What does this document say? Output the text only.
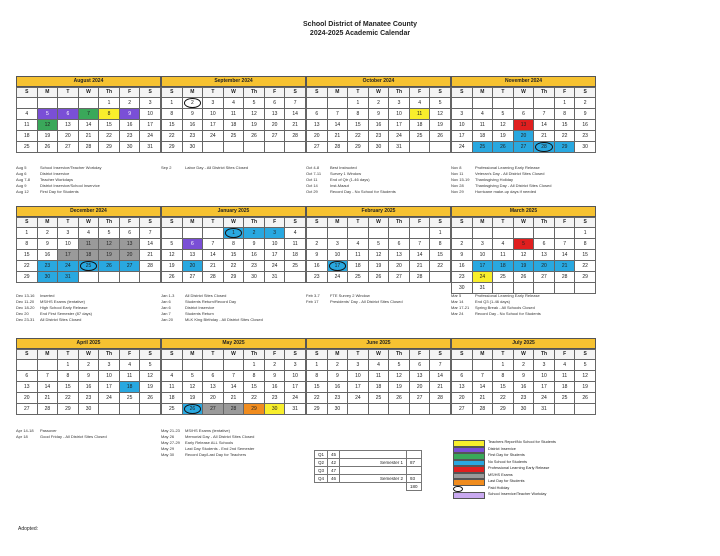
School District of Manatee County
2024-2025 Academic Calendar
August 2024
S	M	T	W	Th	F	S
				1	2	3
4	5	6	7	8	9	10
11	12	13	14	15	16	17
18	19	20	21	22	23	24
25	26	27	28	29	30	31
Aug 5	School Inservice/Teacher Workday
Aug 6	District Inservice
Aug 7-8	Teacher Workdays
Aug 9	District Inservice/School Inservice
Aug 12	First Day for Students
September 2024
S	M	T	W	Th	F	S
1	2	3	4	5	6	7
8	9	10	11	12	13	14
15	16	17	18	19	20	21
22	23	24	25	26	27	28
29	30					
Sep 2	Labor Day - All District Sites Closed
October 2024
S	M	T	W	Th	F	S
		1	2	3	4	5
6	7	8	9	10	11	12
13	14	15	16	17	18	19
20	21	22	23	24	25	26
27	28	29	30	31		
Oct 4-8	Best Instructed
Oct 7-11	Survey 1 Window
Oct 11	End of Qtr (1-46 days)
Oct 14	Inst-Maaut
Oct 29	Record Day - No School for Students
November 2024
S	M	T	W	Th	F	S
					1	2
3	4	5	6	7	8	9
10	11	12	13	14	15	16
17	18	19	20	21	22	23
24	25	26	27	28	29	30
Nov 8	Professional Learning Early Release
Nov 11	Veteran's Day - All District Sites Closed
Nov 15-19	Thanksgiving Holiday
Nov 28	Thanksgiving Day - All District Sites Closed
Nov 29	Hurricane make-up days if needed
December 2024
S	M	T	W	Th	F	S
1	2	3	4	5	6	7
8	9	10	11	12	13	14
15	16	17	18	19	20	21
22	23	24	25	26	27	28
29	30	31				
Dec 13-16	Inserted
Dec 11-20	MS/HS Exams (tentative)
Dec 18-20	High School Early Release
Dec 20	End First Semester (87 days)
Dec 23-31	All District Sites Closed
January 2025
S	M	T	W	Th	F	S
			1	2	3	4
5	6	7	8	9	10	11
12	13	14	15	16	17	18
19	20	21	22	23	24	25
26	27	28	29	30	31	
Jan 1-3	All District Sites Closed
Jan 6	Students Return/Record Day
Jan 6	District Inservice
Jan 7	Students Return
Jan 20	MLK King Birthday - All District Sites Closed
February 2025
S	M	T	W	Th	F	S
						1
2	3	4	5	6	7	8
9	10	11	12	13	14	15
16	17	18	19	20	21	22
23	24	25	26	27	28	
Feb 3-7	FTE Survey 2 Window
Feb 17	Presidents' Day - All District Sites Closed
March 2025
S	M	T	W	Th	F	S
						1
2	3	4	5	6	7	8
9	10	11	12	13	14	15
16	17	18	19	20	21	22
23	24	25	26	27	28	29
30	31					
Mar 5	Professional Learning Early Release
Mar 14	End Q3 (1-46 days)
Mar 17-21	Spring Break - All Schools Closed
Mar 24	Record Day - No School for Students
April 2025
S	M	T	W	Th	F	S
		1	2	3	4	5
6	7	8	9	10	11	12
13	14	15	16	17	18	19
20	21	22	23	24	25	26
27	28	29	30			
Apr 14-18	Passover
Apr 18	Good Friday - All District Sites Closed
May 2025
S	M	T	W	Th	F	S
				1	2	3
4	5	6	7	8	9	10
11	12	13	14	15	16	17
18	19	20	21	22	23	24
25	26	27	28	29	30	31
May 21-23	MS/HS Exams (tentative)
May 26	Memorial Day - All District Sites Closed
May 27-29	Early Release ALL Schools
May 29	Last Day Students - End 2nd Semester
May 30	Record Day/Last Day for Teachers
June 2025
S	M	T	W	Th	F	S
1	2	3	4	5	6	7
8	9	10	11	12	13	14
15	16	17	18	19	20	21
22	23	24	25	26	27	28
29	30					
July 2025
S	M	T	W	Th	F	S
		1	2	3	4	5
6	7	8	9	10	11	12
13	14	15	16	17	18	19
20	21	22	23	24	25	26
27	28	29	30	31		
Q1	45		
Q2	42	Semester 1	87
Q3	47		
Q4	46	Semester 2	93
			180
Teachers Report/No School for Students
District Inservice
First Day for Students
No School for Students
Professional Learning Early Release
MS/HS Exams
Last Day for Students
Paid Holiday
School Inservice/Teacher Workday
Adopted:
